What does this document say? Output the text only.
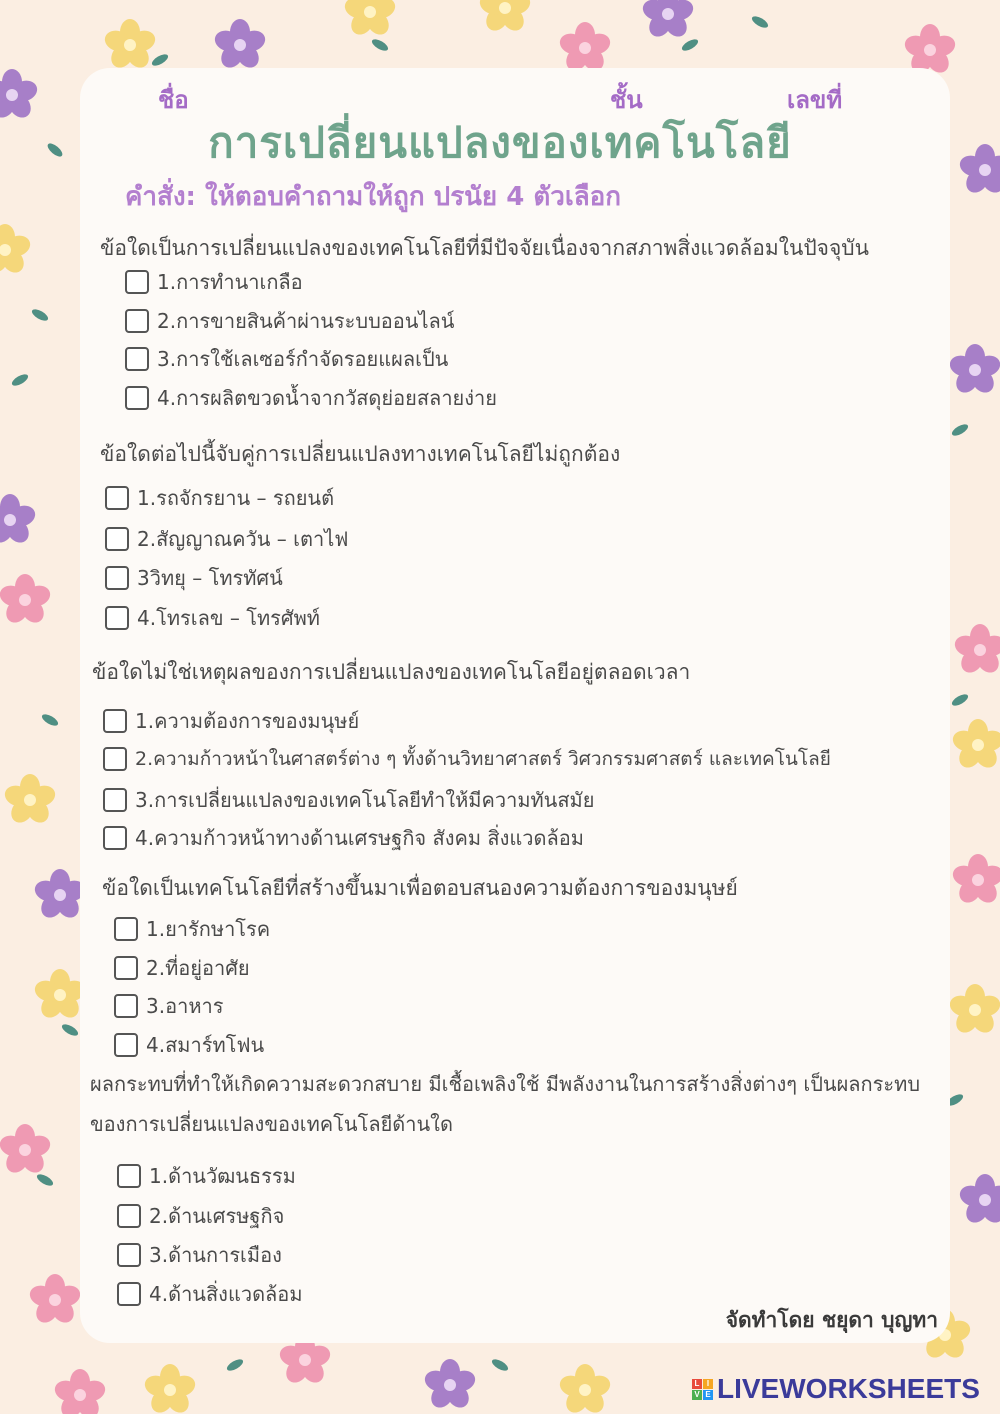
ชื่อ	ชั้น	เลขที่
การเปลี่ยนแปลงของเทคโนโลยี
คำสั่ง: ให้ตอบคำถามให้ถูก ปรนัย 4 ตัวเลือก
ข้อใดเป็นการเปลี่ยนแปลงของเทคโนโลยีที่มีปัจจัยเนื่องจากสภาพสิ่งแวดล้อมในปัจจุบัน
1.การทำนาเกลือ
2.การขายสินค้าผ่านระบบออนไลน์
3.การใช้เลเซอร์กำจัดรอยแผลเป็น
4.การผลิตขวดน้ำจากวัสดุย่อยสลายง่าย
ข้อใดต่อไปนี้จับคู่การเปลี่ยนแปลงทางเทคโนโลยีไม่ถูกต้อง
1.รถจักรยาน – รถยนต์
2.สัญญาณควัน – เตาไฟ
3วิทยุ – โทรทัศน์
4.โทรเลข – โทรศัพท์
ข้อใดไม่ใช่เหตุผลของการเปลี่ยนแปลงของเทคโนโลยีอยู่ตลอดเวลา
1.ความต้องการของมนุษย์
2.ความก้าวหน้าในศาสตร์ต่าง ๆ ทั้งด้านวิทยาศาสตร์ วิศวกรรมศาสตร์ และเทคโนโลยี
3.การเปลี่ยนแปลงของเทคโนโลยีทำให้มีความทันสมัย
4.ความก้าวหน้าทางด้านเศรษฐกิจ สังคม สิ่งแวดล้อม
ข้อใดเป็นเทคโนโลยีที่สร้างขึ้นมาเพื่อตอบสนองความต้องการของมนุษย์
1.ยารักษาโรค
2.ที่อยู่อาศัย
3.อาหาร
4.สมาร์ทโฟน
ผลกระทบที่ทำให้เกิดความสะดวกสบาย มีเชื้อเพลิงใช้ มีพลังงานในการสร้างสิ่งต่างๆ เป็นผลกระทบ
ของการเปลี่ยนแปลงของเทคโนโลยีด้านใด
1.ด้านวัฒนธรรม
2.ด้านเศรษฐกิจ
3.ด้านการเมือง
4.ด้านสิ่งแวดล้อม
จัดทำโดย ชยุดา บุญทา
L I
V E LIVEWORKSHEETS
